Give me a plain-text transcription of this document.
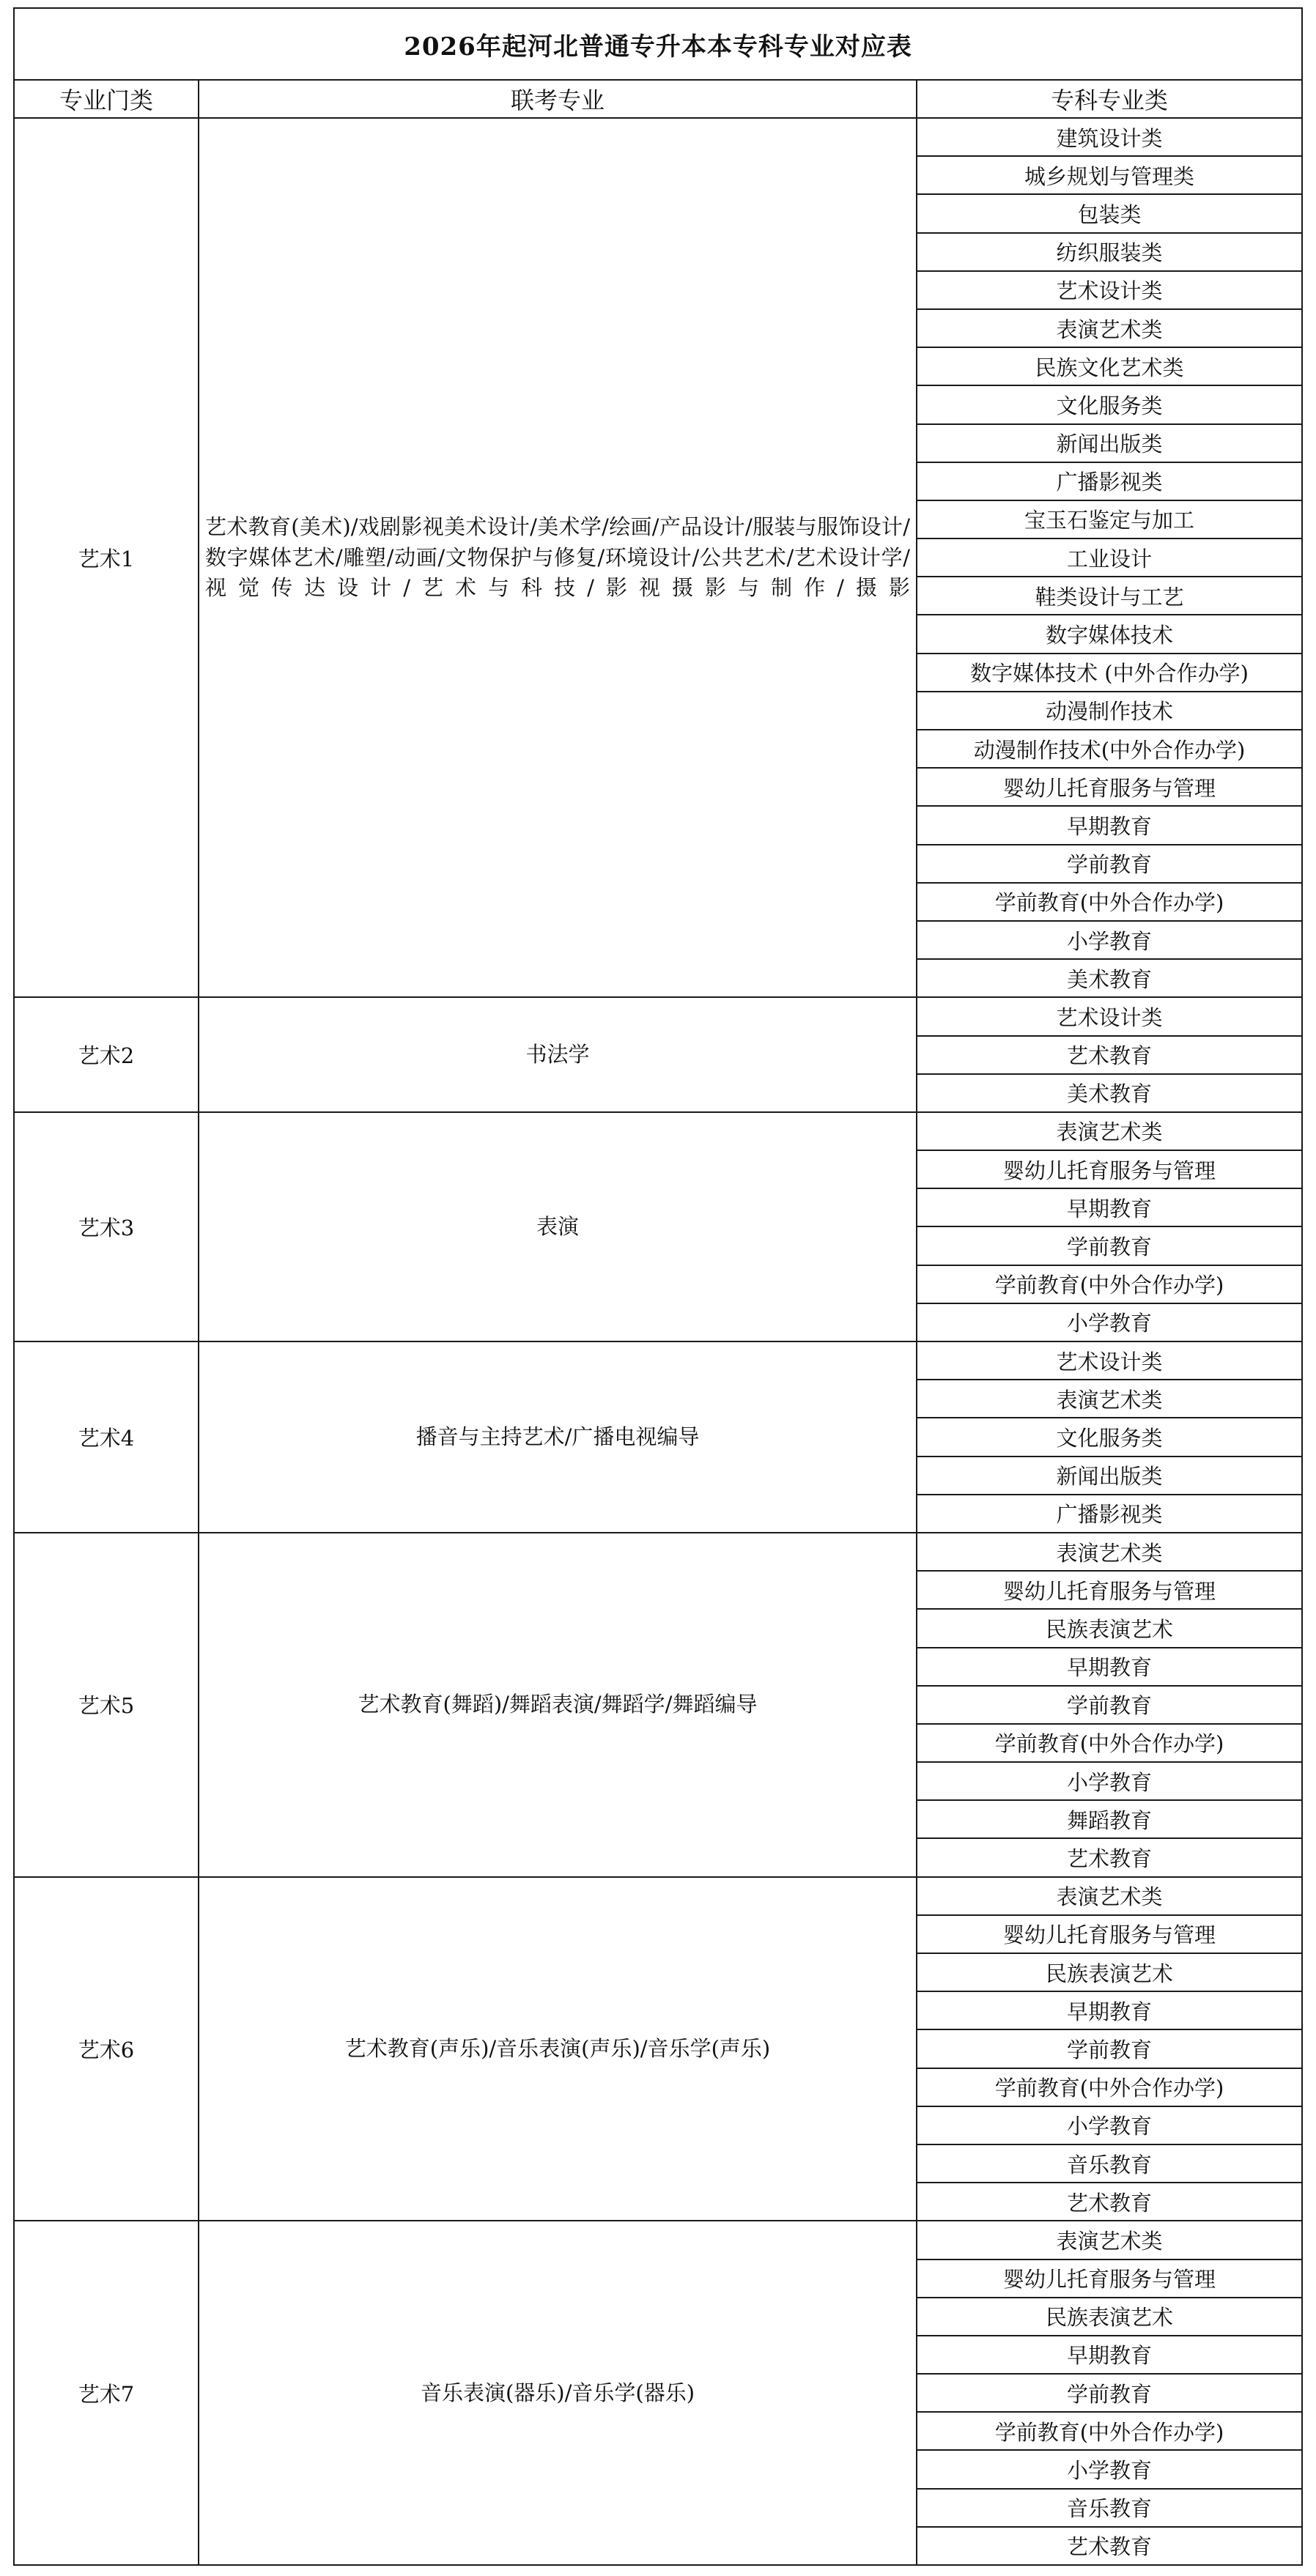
2026年起河北普通专升本本专科专业对应表		
专业门类	联考专业	专科专业类
艺术1	艺术教育(美术)/戏剧影视美术设计/美术学/绘画/产品设计/服装与服饰设计/数字媒体艺术/雕塑/动画/文物保护与修复/环境设计/公共艺术/艺术设计学/视觉传达设计/艺术与科技/影视摄影与制作/摄影	建筑设计类
		城乡规划与管理类
		包装类
		纺织服装类
		艺术设计类
		表演艺术类
		民族文化艺术类
		文化服务类
		新闻出版类
		广播影视类
		宝玉石鉴定与加工
		工业设计
		鞋类设计与工艺
		数字媒体技术
		数字媒体技术 (中外合作办学)
		动漫制作技术
		动漫制作技术(中外合作办学)
		婴幼儿托育服务与管理
		早期教育
		学前教育
		学前教育(中外合作办学)
		小学教育
		美术教育
艺术2	书法学	艺术设计类
		艺术教育
		美术教育
艺术3	表演	表演艺术类
		婴幼儿托育服务与管理
		早期教育
		学前教育
		学前教育(中外合作办学)
		小学教育
艺术4	播音与主持艺术/广播电视编导	艺术设计类
		表演艺术类
		文化服务类
		新闻出版类
		广播影视类
艺术5	艺术教育(舞蹈)/舞蹈表演/舞蹈学/舞蹈编导	表演艺术类
		婴幼儿托育服务与管理
		民族表演艺术
		早期教育
		学前教育
		学前教育(中外合作办学)
		小学教育
		舞蹈教育
		艺术教育
艺术6	艺术教育(声乐)/音乐表演(声乐)/音乐学(声乐)	表演艺术类
		婴幼儿托育服务与管理
		民族表演艺术
		早期教育
		学前教育
		学前教育(中外合作办学)
		小学教育
		音乐教育
		艺术教育
艺术7	音乐表演(器乐)/音乐学(器乐)	表演艺术类
		婴幼儿托育服务与管理
		民族表演艺术
		早期教育
		学前教育
		学前教育(中外合作办学)
		小学教育
		音乐教育
		艺术教育
